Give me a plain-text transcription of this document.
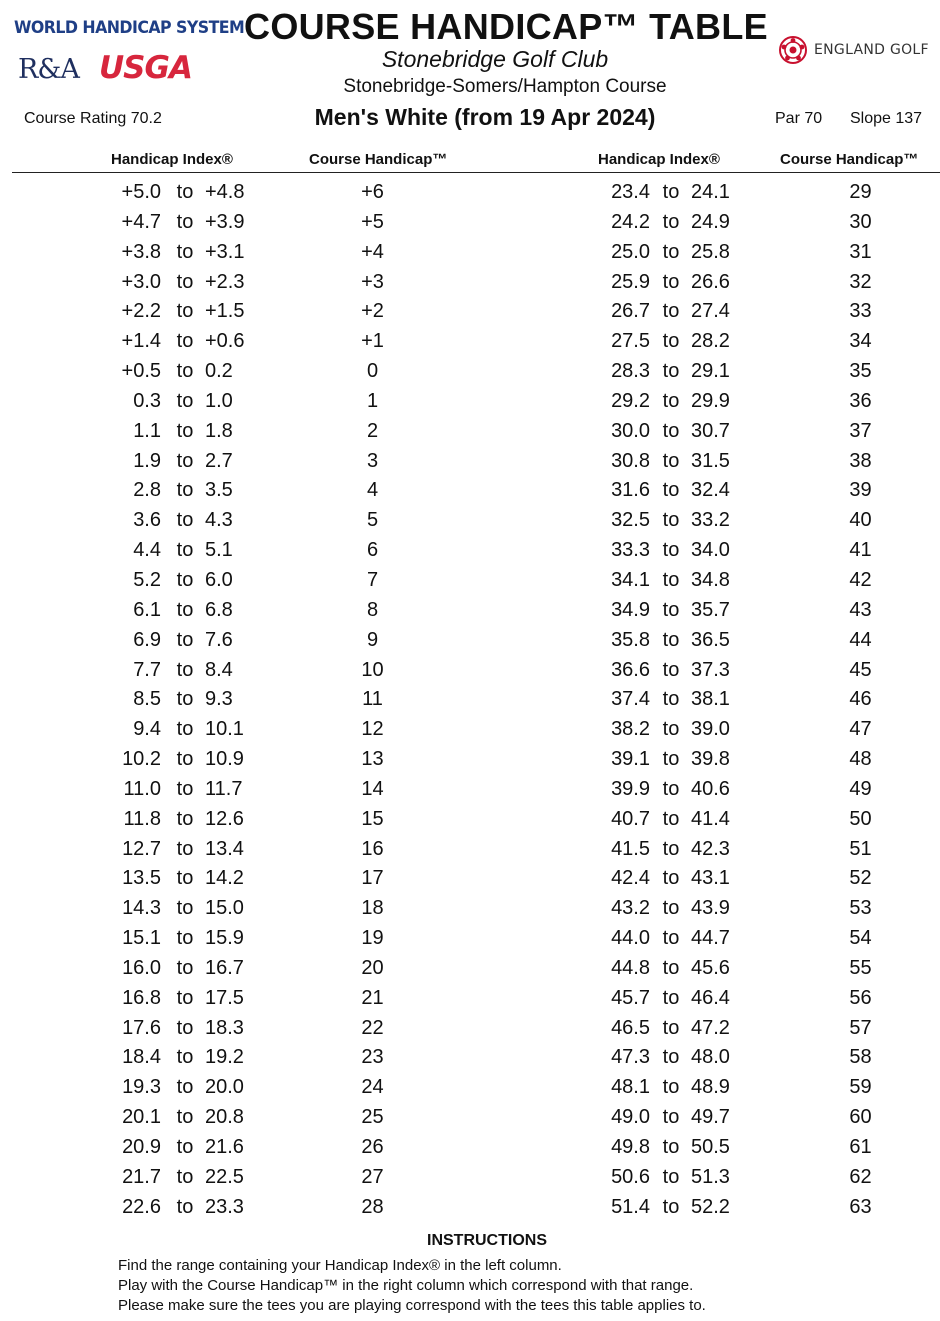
WORLD HANDICAP SYSTEM
R&A USGA	ENGLAND GOLF
COURSE HANDICAP™ TABLE
Stonebridge Golf Club
Stonebridge-Somers/Hampton Course
Men's White (from 19 Apr 2024)
Course Rating 70.2	Par 70 Slope 137
Handicap Index®	Course Handicap™	Handicap Index®	Course Handicap™
+5.0 to +4.8	+6	23.4 to 24.1	29
+4.7 to +3.9	+5	24.2 to 24.9	30
+3.8 to +3.1	+4	25.0 to 25.8	31
+3.0 to +2.3	+3	25.9 to 26.6	32
+2.2 to +1.5	+2	26.7 to 27.4	33
+1.4 to +0.6	+1	27.5 to 28.2	34
+0.5 to 0.2	0	28.3 to 29.1	35
0.3 to 1.0	1	29.2 to 29.9	36
1.1 to 1.8	2	30.0 to 30.7	37
1.9 to 2.7	3	30.8 to 31.5	38
2.8 to 3.5	4	31.6 to 32.4	39
3.6 to 4.3	5	32.5 to 33.2	40
4.4 to 5.1	6	33.3 to 34.0	41
5.2 to 6.0	7	34.1 to 34.8	42
6.1 to 6.8	8	34.9 to 35.7	43
6.9 to 7.6	9	35.8 to 36.5	44
7.7 to 8.4	10	36.6 to 37.3	45
8.5 to 9.3	11	37.4 to 38.1	46
9.4 to 10.1	12	38.2 to 39.0	47
10.2 to 10.9	13	39.1 to 39.8	48
11.0 to 11.7	14	39.9 to 40.6	49
11.8 to 12.6	15	40.7 to 41.4	50
12.7 to 13.4	16	41.5 to 42.3	51
13.5 to 14.2	17	42.4 to 43.1	52
14.3 to 15.0	18	43.2 to 43.9	53
15.1 to 15.9	19	44.0 to 44.7	54
16.0 to 16.7	20	44.8 to 45.6	55
16.8 to 17.5	21	45.7 to 46.4	56
17.6 to 18.3	22	46.5 to 47.2	57
18.4 to 19.2	23	47.3 to 48.0	58
19.3 to 20.0	24	48.1 to 48.9	59
20.1 to 20.8	25	49.0 to 49.7	60
20.9 to 21.6	26	49.8 to 50.5	61
21.7 to 22.5	27	50.6 to 51.3	62
22.6 to 23.3	28	51.4 to 52.2	63
INSTRUCTIONS
Find the range containing your Handicap Index® in the left column.
Play with the Course Handicap™ in the right column which correspond with that range.
Please make sure the tees you are playing correspond with the tees this table applies to.
